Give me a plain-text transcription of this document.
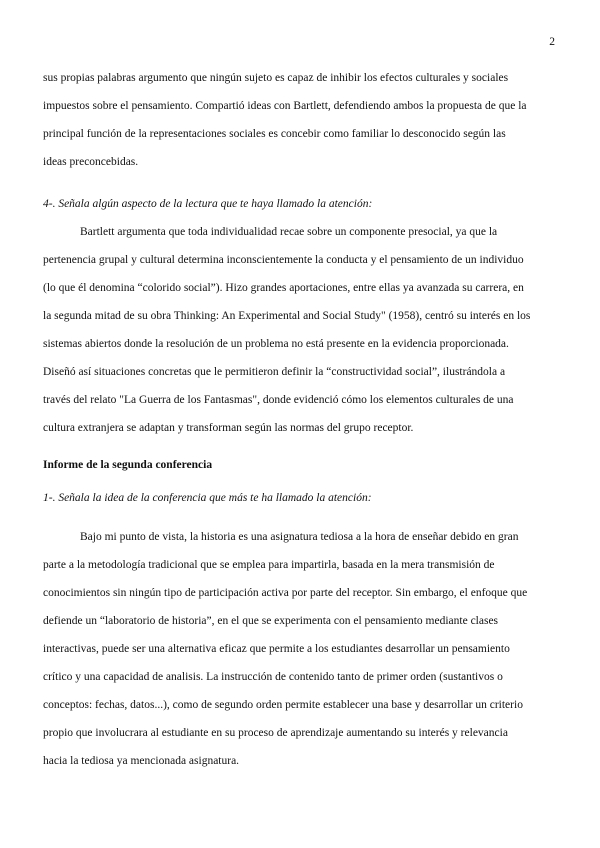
2
sus propias palabras argumento que ningún sujeto es capaz de inhibir los efectos culturales y sociales
impuestos sobre el pensamiento. Compartió ideas con Bartlett, defendiendo ambos la propuesta de que la
principal función de la representaciones sociales es concebir como familiar lo desconocido según las
ideas preconcebidas.
4-. Señala algún aspecto de la lectura que te haya llamado la atención:
Bartlett argumenta que toda individualidad recae sobre un componente presocial, ya que la
pertenencia grupal y cultural determina inconscientemente la conducta y el pensamiento de un individuo
(lo que él denomina “colorido social”). Hizo grandes aportaciones, entre ellas ya avanzada su carrera, en
la segunda mitad de su obra Thinking: An Experimental and Social Study" (1958), centró su interés en los
sistemas abiertos donde la resolución de un problema no está presente en la evidencia proporcionada.
Diseñó así situaciones concretas que le permitieron definir la “constructividad social”, ilustrándola a
través del relato "La Guerra de los Fantasmas", donde evidenció cómo los elementos culturales de una
cultura extranjera se adaptan y transforman según las normas del grupo receptor.
Informe de la segunda conferencia
1-. Señala la idea de la conferencia que más te ha llamado la atención:
Bajo mi punto de vista, la historia es una asignatura tediosa a la hora de enseñar debido en gran
parte a la metodología tradicional que se emplea para impartirla, basada en la mera transmisión de
conocimientos sin ningún tipo de participación activa por parte del receptor. Sin embargo, el enfoque que
defiende un “laboratorio de historia”, en el que se experimenta con el pensamiento mediante clases
interactivas, puede ser una alternativa eficaz que permite a los estudiantes desarrollar un pensamiento
crítico y una capacidad de analisis. La instrucción de contenido tanto de primer orden (sustantivos o
conceptos: fechas, datos...), como de segundo orden permite establecer una base y desarrollar un criterio
propio que involucrara al estudiante en su proceso de aprendizaje aumentando su interés y relevancia
hacia la tediosa ya mencionada asignatura.
